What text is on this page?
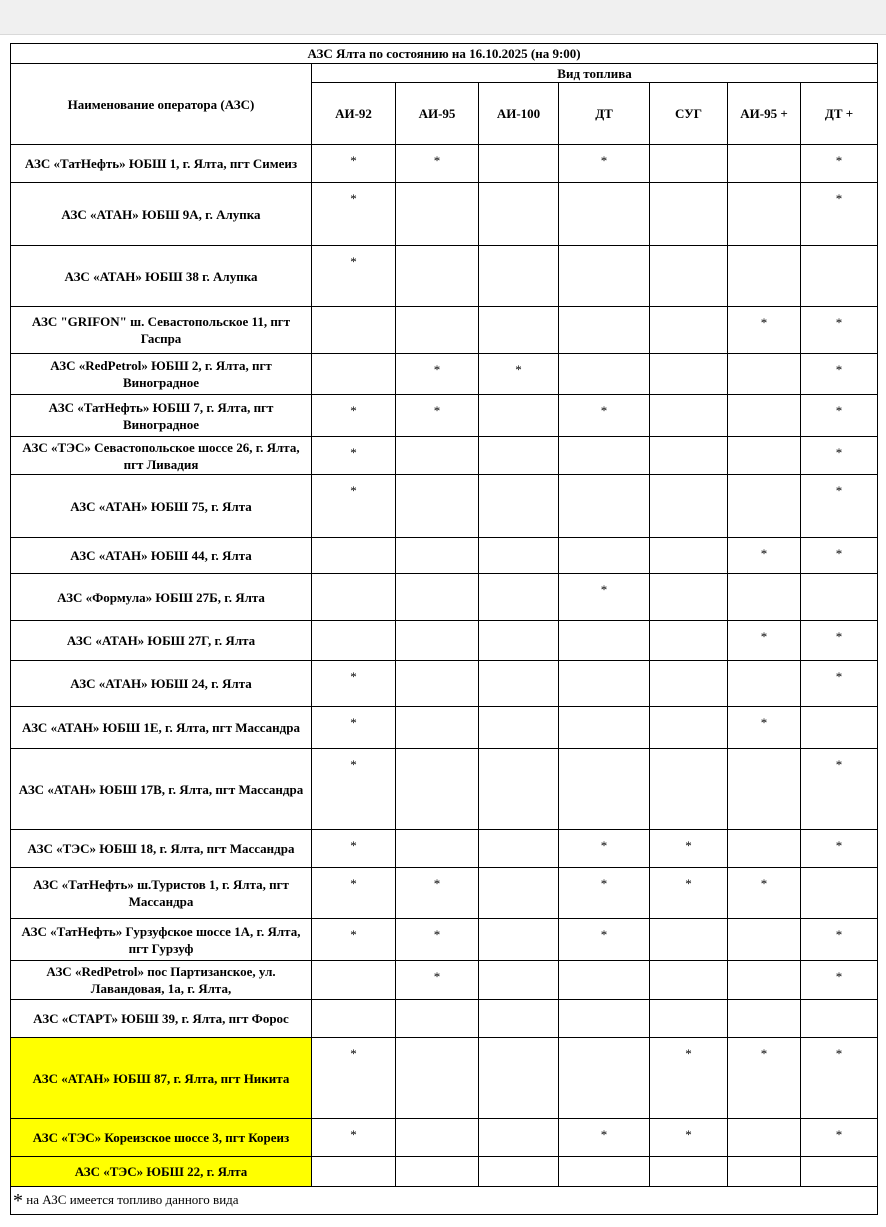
АЗС Ялта по состоянию на 16.10.2025 (на 9:00)							
Наименование оператора (АЗС)	Вид топлива						
	АИ-92	АИ-95	АИ-100	ДТ	СУГ	АИ-95 +	ДТ +
АЗС «ТатНефть» ЮБШ 1, г. Ялта, пгт Симеиз	*	*		*			*
АЗС «АТАН» ЮБШ 9А, г. Алупка	*						*
АЗС «АТАН» ЮБШ 38 г. Алупка	*						
АЗС "GRIFON" ш. Севастопольское 11, пгт Гаспра						*	*
АЗС «RedPetrol» ЮБШ 2, г. Ялта, пгт Виноградное		*	*				*
АЗС «ТатНефть» ЮБШ 7, г. Ялта, пгт Виноградное	*	*		*			*
АЗС «ТЭС» Севастопольское шоссе 26, г. Ялта, пгт Ливадия	*						*
АЗС «АТАН» ЮБШ 75, г. Ялта	*						*
АЗС «АТАН» ЮБШ 44, г. Ялта						*	*
АЗС «Формула» ЮБШ 27Б, г. Ялта				*			
АЗС «АТАН» ЮБШ 27Г, г. Ялта						*	*
АЗС «АТАН» ЮБШ 24, г. Ялта	*						*
АЗС «АТАН» ЮБШ 1Е, г. Ялта, пгт Массандра	*					*	
АЗС «АТАН» ЮБШ 17В, г. Ялта, пгт Массандра	*						*
АЗС «ТЭС» ЮБШ 18, г. Ялта, пгт Массандра	*			*	*		*
АЗС «ТатНефть» ш.Туристов 1, г. Ялта, пгт Массандра	*	*		*	*	*	
АЗС «ТатНефть» Гурзуфское шоссе 1А, г. Ялта, пгт Гурзуф	*	*		*			*
АЗС «RedPetrol» пос Партизанское, ул. Лавандовая, 1а, г. Ялта,		*					*
АЗС «СТАРТ» ЮБШ 39, г. Ялта, пгт Форос							
АЗС «АТАН» ЮБШ 87, г. Ялта, пгт Никита	*				*	*	*
АЗС «ТЭС» Кореизское шоссе 3, пгт Кореиз	*			*	*		*
АЗС «ТЭС» ЮБШ 22, г. Ялта							
* на АЗС имеется топливо данного вида							
